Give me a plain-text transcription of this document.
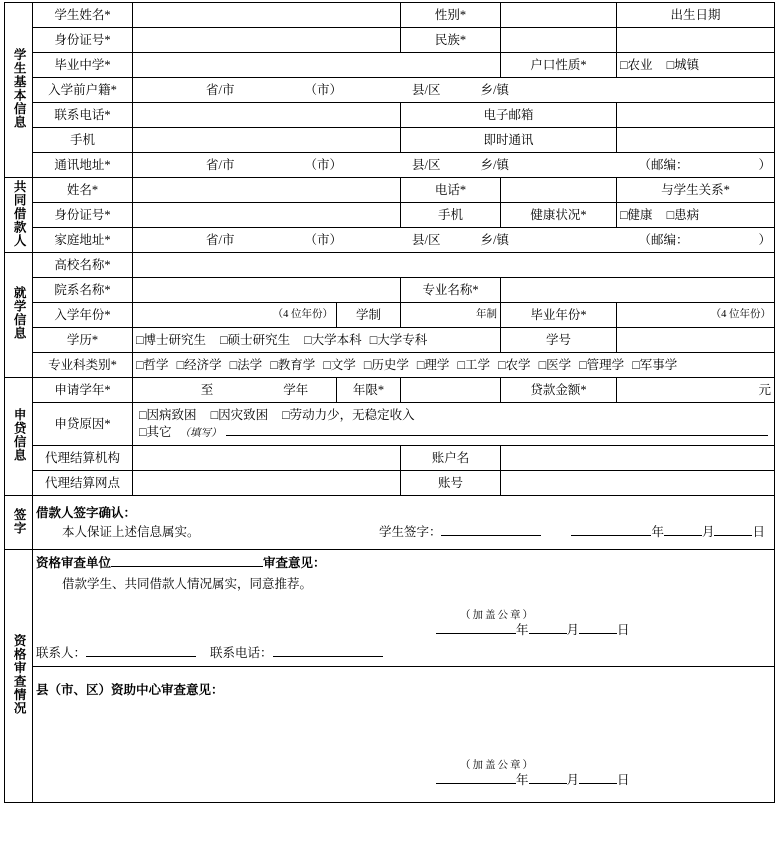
学生基本信息	学生姓名*			性别*		出生日期
	身份证号*			民族*		
	毕业中学*				户口性质*	□农业 □城镇
	入学前户籍*	省/市 （市） 县/区 乡/镇				
	联系电话*			电子邮箱		
	手机			即时通讯		
	通讯地址*	省/市 （市） 县/区 乡/镇 （邮编： ）				

共同借款人	姓名*			电话*		与学生关系*
	身份证号*			手机	健康状况*	□健康 □患病
	家庭地址*	省/市 （市） 县/区 乡/镇 （邮编： ）				

就学信息	高校名称*					
	院系名称*			专业名称*		
	入学年份*	（4 位年份）	学制	年制	毕业年份*	（4 位年份）
	学历*	□博士研究生 □硕士研究生 □大学本科 □大学专科			学号	
	专业科类别*	□哲学 □经济学 □法学 □教育学 □文学 □历史学 □理学 □工学 □农学 □医学 □管理学 □军事学				
申贷信息	申请学年*	至 学年	年限*		贷款金额*	元
	申贷原因*	□因病致困 □因灾致困 □劳动力少，无稳定收入
□其它 （填写）				

	代理结算机构			账户名		
	代理结算网点			账号		
签字	借款人签字确认：
本人保证上述信息属实。 学生签字： 年 月 日					

资格审查情况	资格审查单位 审查意见：
借款学生、共同借款人情况属实，同意推荐。
（加盖公章）
年 月 日
联系人： 联系电话：					

	县（市、区）资助中心审查意见：
（加盖公章）
年 月 日					
